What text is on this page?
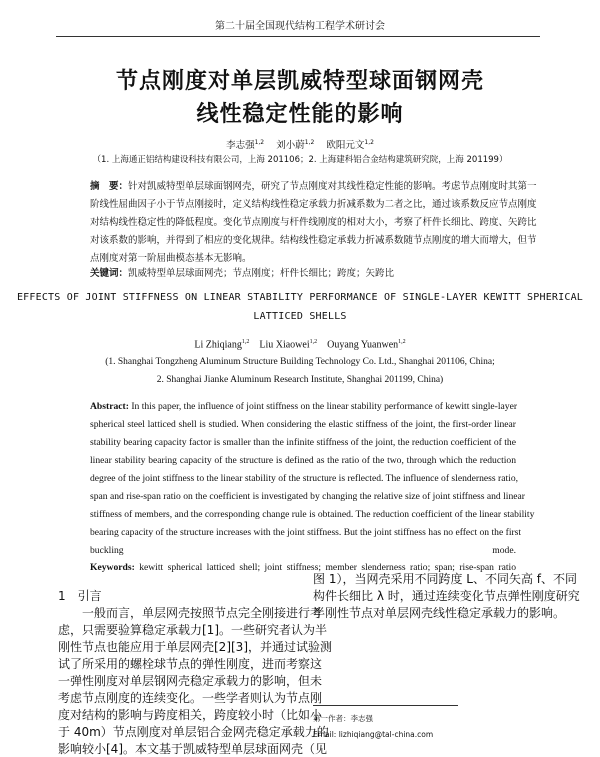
第二十届全国现代结构工程学术研讨会
节点刚度对单层凯威特型球面钢网壳
线性稳定性能的影响
李志强$^{1,2}$ 刘小蔚$^{1,2}$ 欧阳元文$^{1,2}$
（1. 上海通正铝结构建设科技有限公司，上海 201106；2. 上海建科铝合金结构建筑研究院，上海 201199）
摘　要：针对凯威特型单层球面钢网壳，研究了节点刚度对其线性稳定性能的影响。考虑节点刚度时其第一
阶线性屈曲因子小于节点刚接时，定义结构线性稳定承载力折减系数为二者之比，通过该系数反应节点刚度
对结构线性稳定性的降低程度。变化节点刚度与杆件线刚度的相对大小，考察了杆件长细比、跨度、矢跨比
对该系数的影响，并得到了相应的变化规律。结构线性稳定承载力折减系数随节点刚度的增大而增大，但节
点刚度对第一阶屈曲模态基本无影响。
关键词：凯威特型单层球面网壳；节点刚度；杆件长细比；跨度；矢跨比
EFFECTS OF JOINT STIFFNESS ON LINEAR STABILITY PERFORMANCE OF SINGLE-LAYER KEWITT SPHERICAL
LATTICED SHELLS
Li Zhiqiang$^{1,2}$ Liu Xiaowei$^{1,2}$ Ouyang Yuanwen$^{1,2}$
(1. Shanghai Tongzheng Aluminum Structure Building Technology Co. Ltd., Shanghai 201106, China;
2. Shanghai Jianke Aluminum Research Institute, Shanghai 201199, China)
Abstract: In this paper, the influence of joint stiffness on the linear stability performance of kewitt single-layer
spherical steel latticed shell is studied. When considering the elastic stiffness of the joint, the first-order linear
stability bearing capacity factor is smaller than the infinite stiffness of the joint, the reduction coefficient of the
linear stability bearing capacity of the structure is defined as the ratio of the two, through which the reduction
degree of the joint stiffness to the linear stability of the structure is reflected. The influence of slenderness ratio,
span and rise-span ratio on the coefficient is investigated by changing the relative size of joint stiffness and linear
stiffness of members, and the corresponding change rule is obtained. The reduction coefficient of the linear stability
bearing capacity of the structure increases with the joint stiffness. But the joint stiffness has no effect on the first
buckling mode.
Keywords: kewitt spherical latticed shell; joint stiffness; member slenderness ratio; span; rise-span ratio
1　引言
　　一般而言，单层网壳按照节点完全刚接进行考
虑，只需要验算稳定承载力[1]。一些研究者认为半
刚性节点也能应用于单层网壳[2][3]，并通过试验测
试了所采用的螺栓球节点的弹性刚度，进而考察这
一弹性刚度对单层钢网壳稳定承载力的影响，但未
考虑节点刚度的连续变化。一些学者则认为节点刚
度对结构的影响与跨度相关，跨度较小时（比如小
于 40m）节点刚度对单层铝合金网壳稳定承载力的
影响较小[4]。本文基于凯威特型单层球面网壳（见
图 1），当网壳采用不同跨度 L、不同矢高 f、不同
构件长细比 λ 时，通过连续变化节点弹性刚度研究
半刚性节点对单层网壳线性稳定承载力的影响。
第一作者：李志强
Email: lizhiqiang@tal-china.com
